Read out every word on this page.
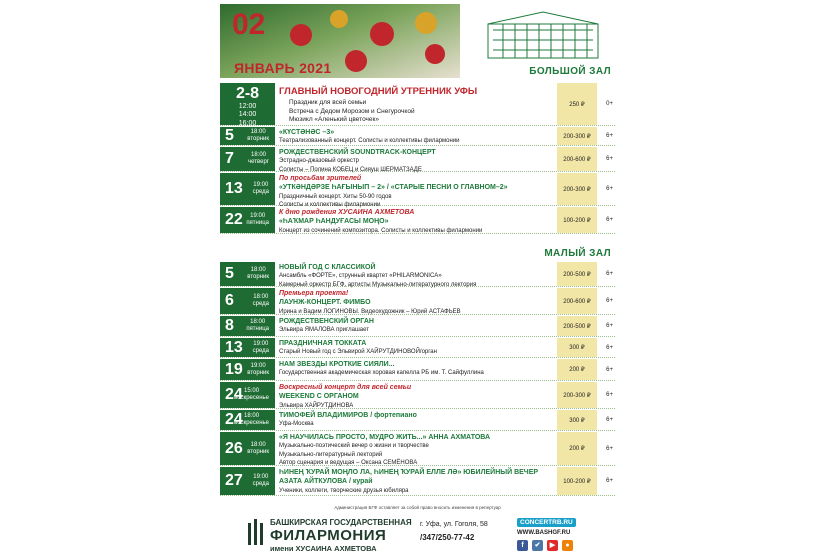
02
ЯНВАРЬ 2021	БОЛЬШОЙ ЗАЛ
2-8
12:00
14:00
16:00
ГЛАВНЫЙ НОВОГОДНИЙ УТРЕННИК УФЫ
Праздник для всей семьи
Встреча с Дедом Морозом и Снегурочкой
Мюзикл «Аленький цветочек»
250 ₽	0+
5	18:00
вторник
«КҮСТӘНӘС –3»
Театрализованный концерт. Солисты и коллективы филармонии
200-300 ₽	6+
7	18:00
четверг
РОЖДЕСТВЕНСКИЙ SOUNDTRACK-КОНЦЕРТ
Эстрадно-джазовый оркестр
Солисты – Полина КОБЕЦ и Сияуш ШЕРМАТЗАДЕ
200-600 ₽	6+
13 19:00
среда
По просьбам зрителей
«УТКӘНДӘРЗЕ ҺАҒЫНЫП – 2» / «СТАРЫЕ ПЕСНИ О ГЛАВНОМ–2»
Праздничный концерт. Хиты 50-90 годов
Солисты и коллективы филармонии
200-300 ₽	6+
22	19:00
пятница
К дню рождения ХУСАИНА АХМЕТОВА
«ҺАҠМАР ҺАНДУҒАСЫ МОҢО»
Концерт из сочинений композитора. Солисты и коллективы филармонии
100-200 ₽	6+
МАЛЫЙ ЗАЛ
5	18:00
вторник
НОВЫЙ ГОД С КЛАССИКОЙ
Ансамбль «ФОРТЕ», струнный квартет «PHILARMONICA»
Камерный оркестр БГФ, артисты Музыкально-литературного лектория
200-500 ₽	6+
6	18:00
среда
Премьера проекта!
ЛАУНЖ-КОНЦЕРТ. ФИМБО
Ирина и Вадим ЛОГИНОВЫ. Видеохудожник – Юрий АСТАФЬЕВ
200-600 ₽	6+
8	18:00
пятница
РОЖДЕСТВЕНСКИЙ ОРГАН
Эльвира ЯМАЛОВА приглашает
200-500 ₽	6+
13 19:00
среда
ПРАЗДНИЧНАЯ ТОККАТА
Старый Новый год с Эльвирой ХАЙРУТДИНОВОЙ/орган
300 ₽	6+
19	19:00
вторник
НАМ ЗВЕЗДЫ КРОТКИЕ СИЯЛИ...
Государственная академическая хоровая капелла РБ им. Т. Сайфуллина
200 ₽	6+
24 15:00
воскресенье
Воскресный концерт для всей семьи
WEEKEND С ОРГАНОМ
Эльвира ХАЙРУТДИНОВА
200-300 ₽	6+
24 18:00
воскресенье
ТИМОФЕЙ ВЛАДИМИРОВ / фортепиано
Уфа-Москва
300 ₽	6+
26	18:00
вторник
«Я НАУЧИЛАСЬ ПРОСТО, МУДРО ЖИТЬ...» АННА АХМАТОВА
Музыкально-поэтический вечер о жизни и творчестве
Музыкально-литературный лекторий
Автор сценария и ведущая – Оксана СЕМЁНОВА
200 ₽	6+
27 19:00
среда
ҺИНЕҢ ҠУРАЙ МОҢЛО ЛА, ҺИНЕҢ ҠУРАЙ ЕЛЛЕ ЛӘ» ЮБИЛЕЙНЫЙ ВЕЧЕР АЗАТА АЙТКУЛОВА / курай
Ученики, коллеги, творческие друзья юбиляра
100-200 ₽	6+
Администрация БГФ оставляет за собой право вносить изменения в репертуар
БАШКИРСКАЯ ГОСУДАРСТВЕННАЯ
ФИЛАРМОНИЯ
имени ХУСАИНА АХМЕТОВА
г. Уфа, ул. Гоголя, 58
/347/250-77-42
CONCERTRB.RU
WWW.BASHGF.RU
f	✔	▶	●
